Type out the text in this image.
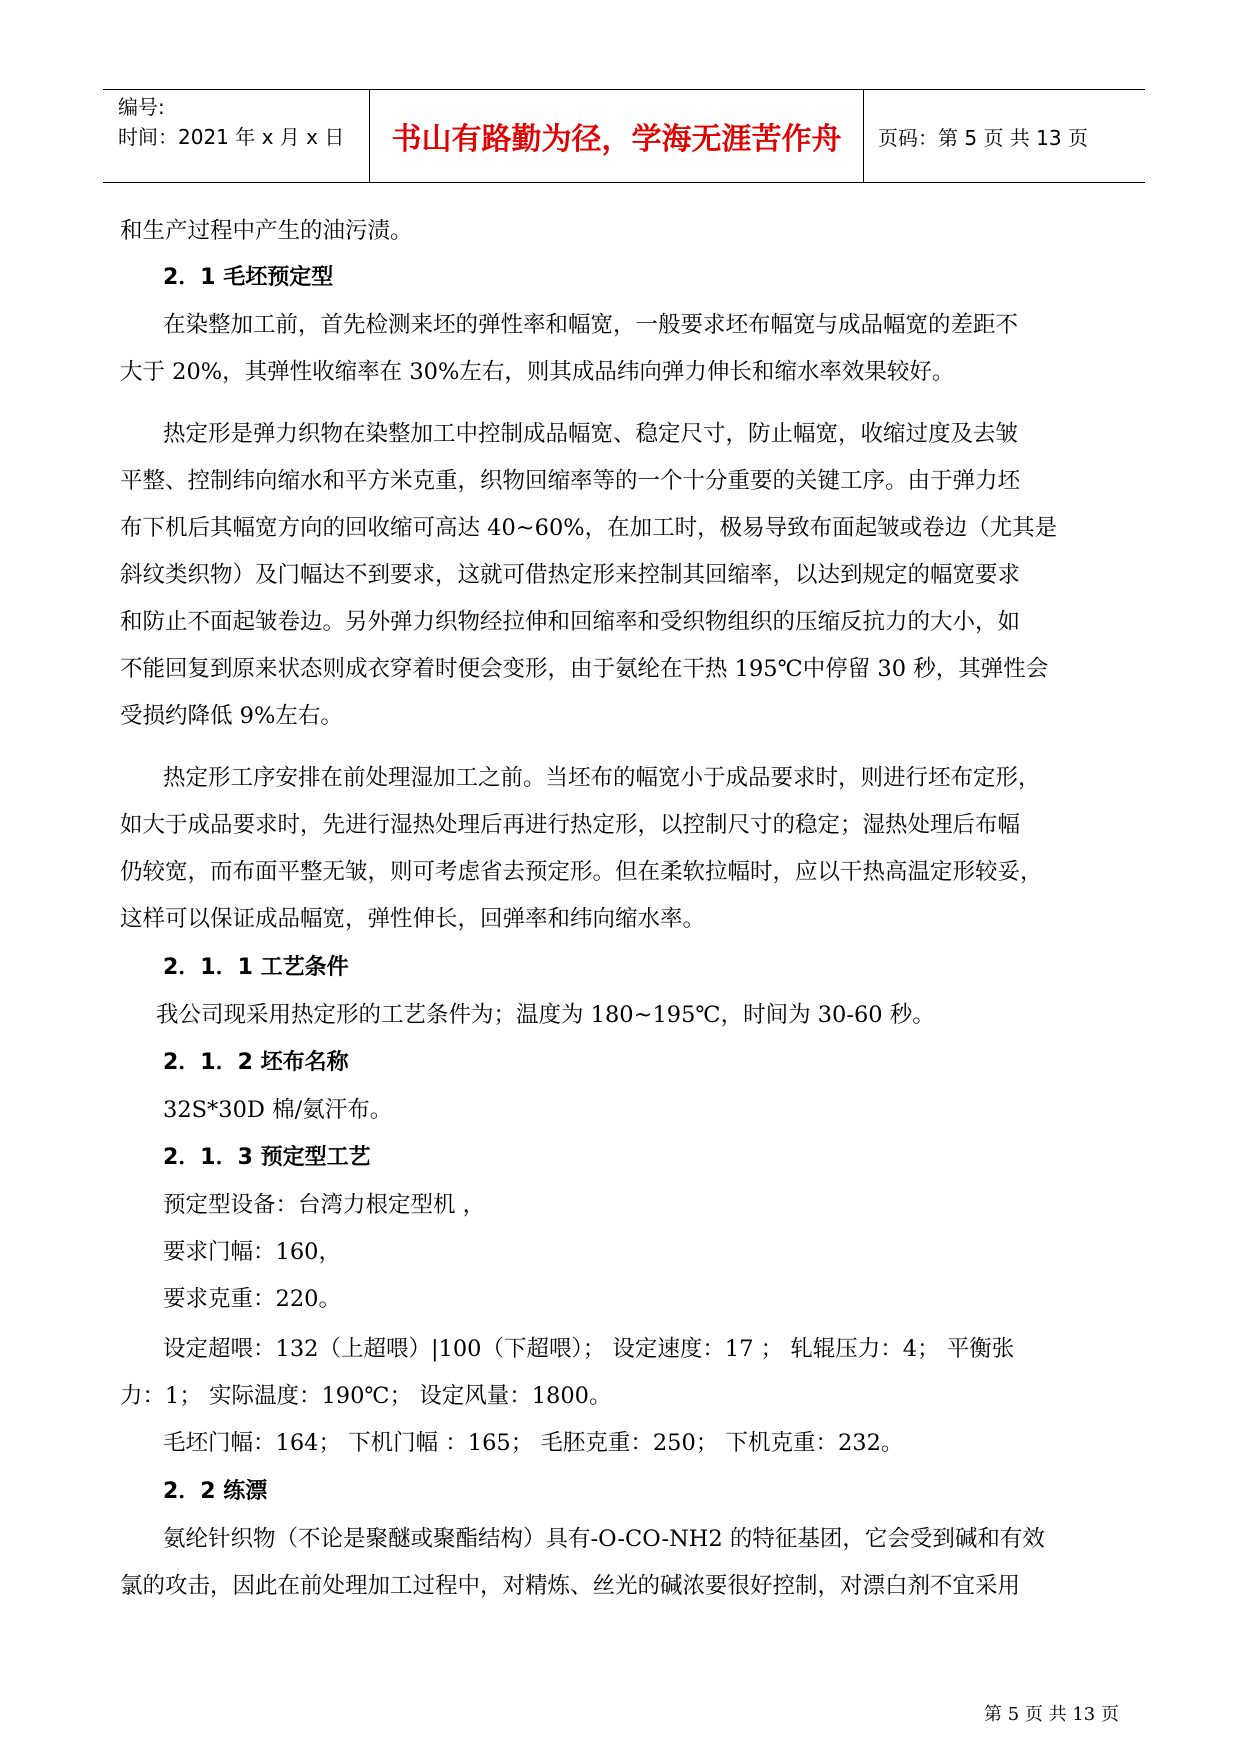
编号:
时间：2021 年 x 月 x 日	书山有路勤为径，学海无涯苦作舟	页码：第 5 页 共 13 页
和生产过程中产生的油污渍。
2．1 毛坯预定型
在染整加工前，首先检测来坯的弹性率和幅宽，一般要求坯布幅宽与成品幅宽的差距不
大于 20%，其弹性收缩率在 30%左右，则其成品纬向弹力伸长和缩水率效果较好。
热定形是弹力织物在染整加工中控制成品幅宽、稳定尺寸，防止幅宽，收缩过度及去皱
平整、控制纬向缩水和平方米克重，织物回缩率等的一个十分重要的关键工序。由于弹力坯
布下机后其幅宽方向的回收缩可高达 40~60%，在加工时，极易导致布面起皱或卷边（尤其是
斜纹类织物）及门幅达不到要求，这就可借热定形来控制其回缩率，以达到规定的幅宽要求
和防止不面起皱卷边。另外弹力织物经拉伸和回缩率和受织物组织的压缩反抗力的大小，如
不能回复到原来状态则成衣穿着时便会变形，由于氨纶在干热 195℃中停留 30 秒，其弹性会
受损约降低 9%左右。
热定形工序安排在前处理湿加工之前。当坯布的幅宽小于成品要求时，则进行坯布定形，
如大于成品要求时，先进行湿热处理后再进行热定形，以控制尺寸的稳定；湿热处理后布幅
仍较宽，而布面平整无皱，则可考虑省去预定形。但在柔软拉幅时，应以干热高温定形较妥，
这样可以保证成品幅宽，弹性伸长，回弹率和纬向缩水率。
2．1．1 工艺条件
我公司现采用热定形的工艺条件为；温度为 180~195℃，时间为 30-60 秒。
2．1．2 坯布名称
32S*30D 棉/氨汗布。
2．1．3 预定型工艺
预定型设备：台湾力根定型机 ，
要求门幅：160，
要求克重：220。
设定超喂：132（上超喂）|100（下超喂）； 设定速度：17 ； 轧辊压力：4； 平衡张
力：1； 实际温度：190℃； 设定风量：1800。
毛坯门幅：164； 下机门幅 ：165； 毛胚克重：250； 下机克重：232。
2．2 练漂
氨纶针织物（不论是聚醚或聚酯结构）具有-O-CO-NH2 的特征基团，它会受到碱和有效
氯的攻击，因此在前处理加工过程中，对精炼、丝光的碱浓要很好控制，对漂白剂不宜采用
第 5 页 共 13 页
